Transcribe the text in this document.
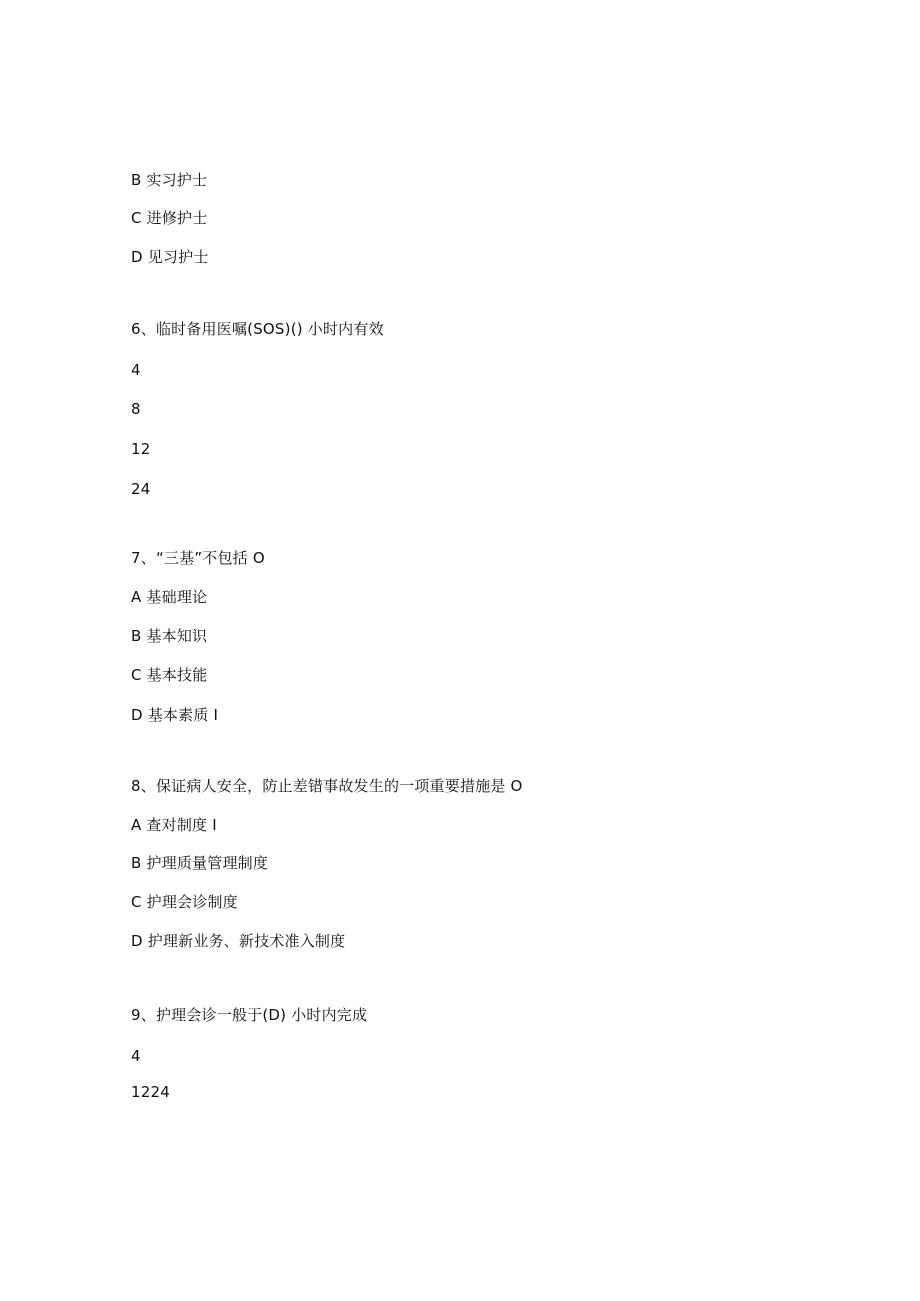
B 实习护士
C 进修护士
D 见习护士
6、临时备用医嘱(SOS)() 小时内有效
4
8
12
24
7、“三基”不包括 O
A 基础理论
B 基本知识
C 基本技能
D 基本素质 I
8、保证病人安全，防止差错事故发生的一项重要措施是 O
A 查对制度 I
B 护理质量管理制度
C 护理会诊制度
D 护理新业务、新技术准入制度
9、护理会诊一般于(D) 小时内完成
4
1224
